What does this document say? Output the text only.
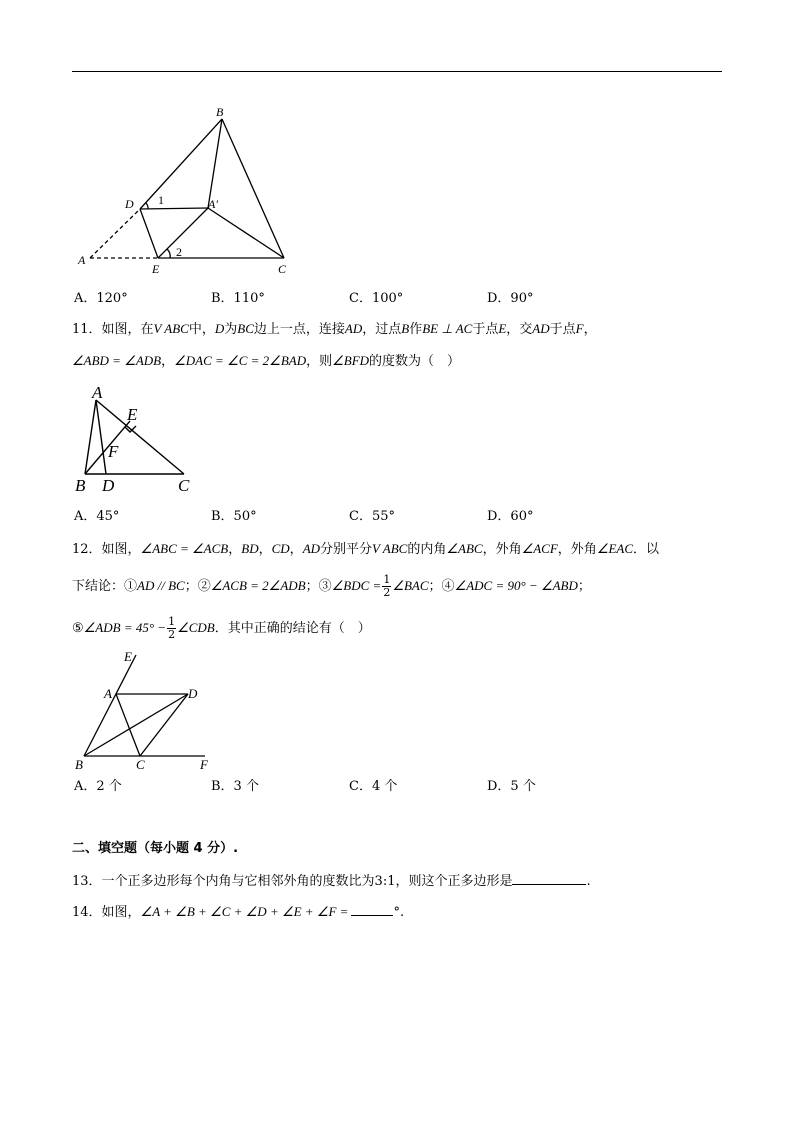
B
D 1	A′
A
2
E	C
A．120°	B．110°	C．100°	D．90°
11．如图，在V ABC中，D为BC边上一点，连接AD，过点B作BE ⊥ AC于点E，交AD于点F，
∠ABD = ∠ADB，∠DAC = ∠C = 2∠BAD，则∠BFD的度数为（　）
A
E
F
B D	C
A．45°	B．50°	C．55°	D．60°
12．如图，∠ABC = ∠ACB，BD，CD，AD分别平分V ABC的内角∠ABC，外角∠ACF，外角∠EAC．以
下结论：①AD // BC；②∠ACB = 2∠ADB；③∠BDC = $\frac{1}{2}$ ∠BAC；④∠ADC = 90° − ∠ABD；
⑤∠ADB = $45^\circ - \frac{1}{2}$ ∠CDB．其中正确的结论有（　）
E
A	D
B	C	F
A．2 个	B．3 个	C．4 个	D．5 个
二、填空题（每小题 4 分）.
13．一个正多边形每个内角与它相邻外角的度数比为3:1，则这个正多边形是	.
14．如图，∠A + ∠B + ∠C + ∠D + ∠E + ∠F =	°.
